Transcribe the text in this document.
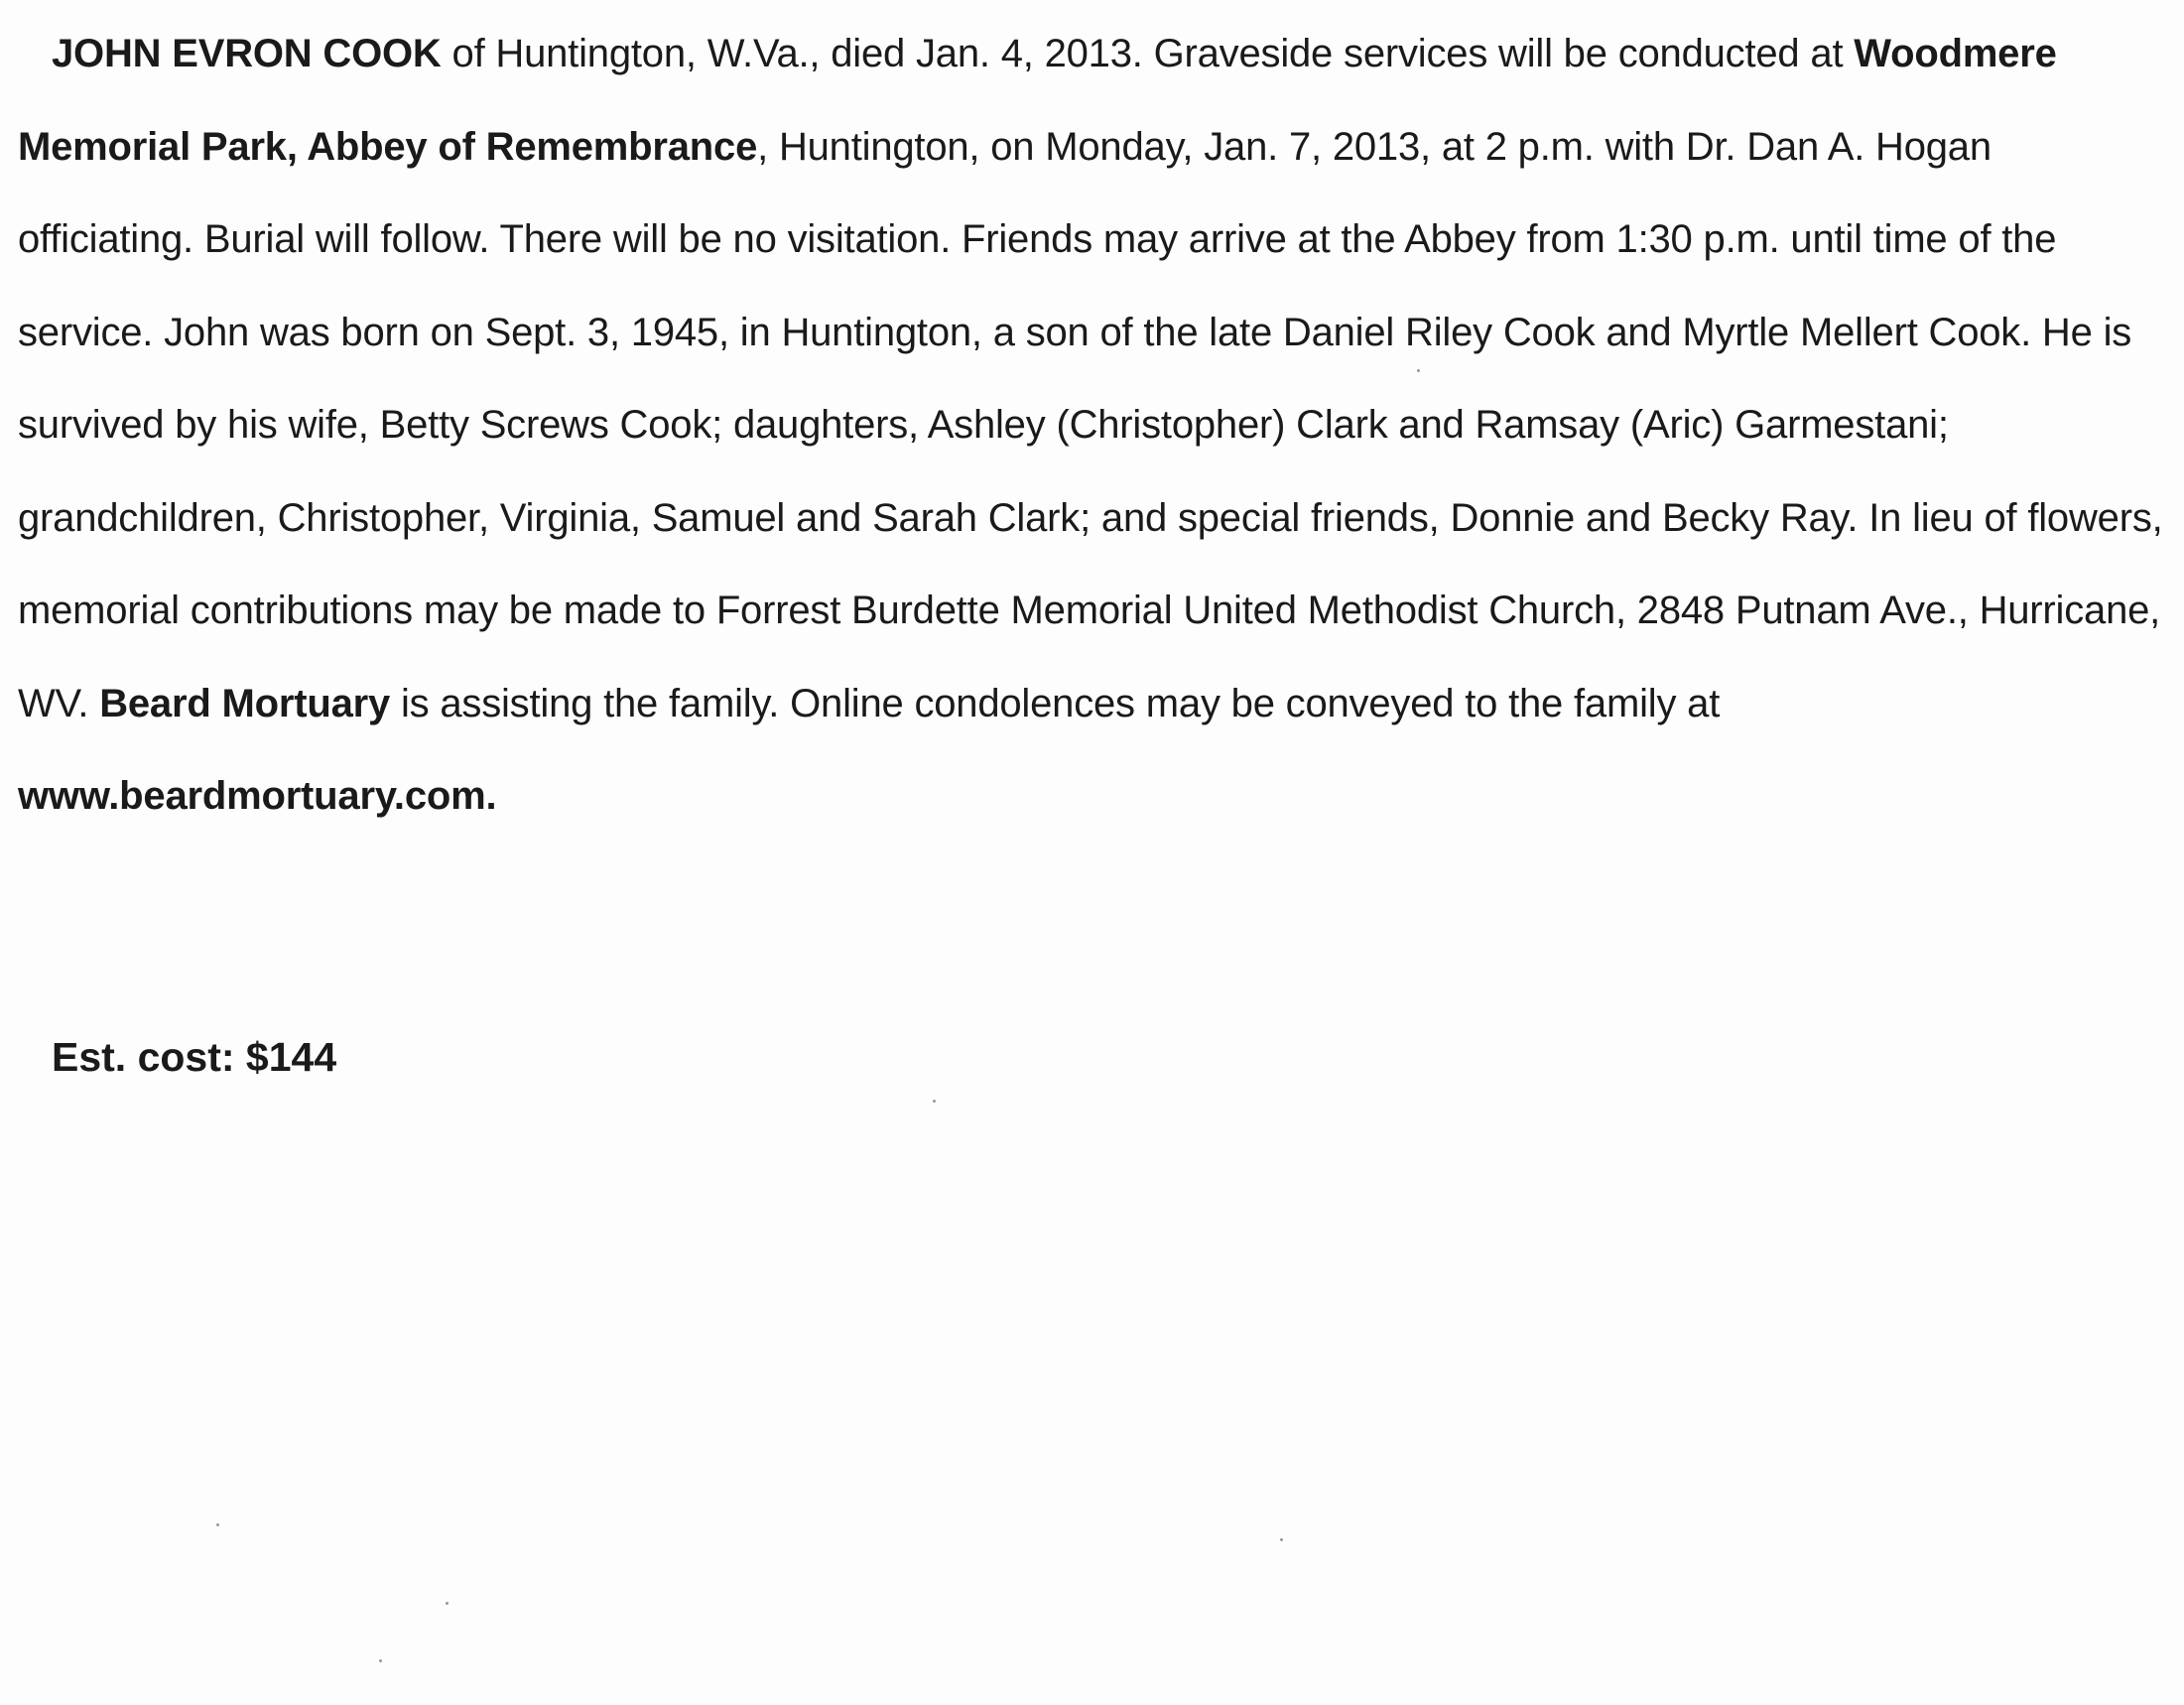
JOHN EVRON COOK of Huntington, W.Va., died Jan. 4, 2013. Graveside services will be conducted at Woodmere Memorial Park, Abbey of Remembrance, Huntington, on Monday, Jan. 7, 2013, at 2 p.m. with Dr. Dan A. Hogan officiating. Burial will follow. There will be no visitation. Friends may arrive at the Abbey from 1:30 p.m. until time of the service. John was born on Sept. 3, 1945, in Huntington, a son of the late Daniel Riley Cook and Myrtle Mellert Cook. He is survived by his wife, Betty Screws Cook; daughters, Ashley (Christopher) Clark and Ramsay (Aric) Garmestani; grandchildren, Christopher, Virginia, Samuel and Sarah Clark; and special friends, Donnie and Becky Ray. In lieu of flowers, memorial contributions may be made to Forrest Burdette Memorial United Methodist Church, 2848 Putnam Ave., Hurricane, WV. Beard Mortuary is assisting the family. Online condolences may be conveyed to the family at
www.beardmortuary.com.

Est. cost: $144
